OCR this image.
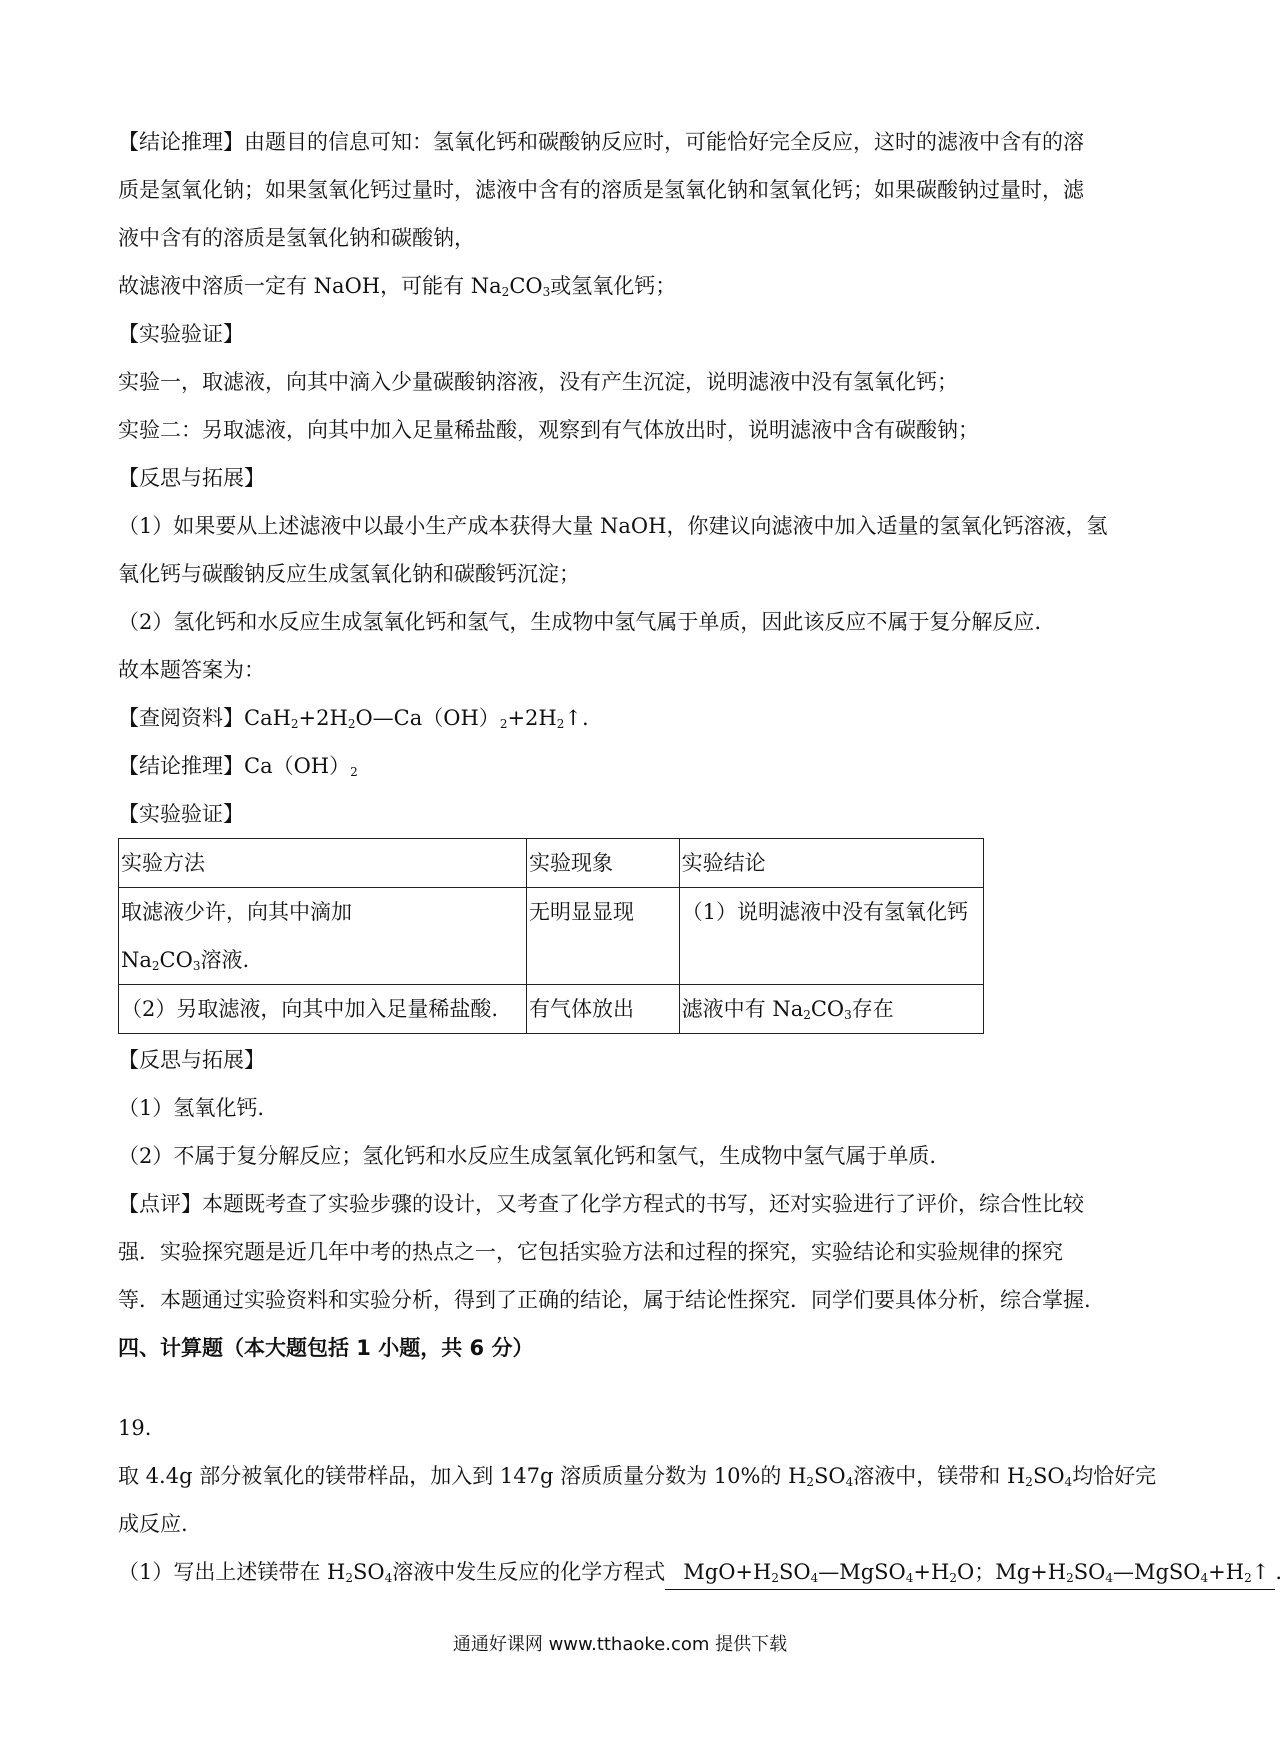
【结论推理】由题目的信息可知：氢氧化钙和碳酸钠反应时，可能恰好完全反应，这时的滤液中含有的溶
质是氢氧化钠；如果氢氧化钙过量时，滤液中含有的溶质是氢氧化钠和氢氧化钙；如果碳酸钠过量时，滤
液中含有的溶质是氢氧化钠和碳酸钠，
故滤液中溶质一定有 NaOH，可能有 $Na_2CO_3$或氢氧化钙；
【实验验证】
实验一，取滤液，向其中滴入少量碳酸钠溶液，没有产生沉淀，说明滤液中没有氢氧化钙；
实验二：另取滤液，向其中加入足量稀盐酸，观察到有气体放出时，说明滤液中含有碳酸钠；
【反思与拓展】
（1）如果要从上述滤液中以最小生产成本获得大量 NaOH，你建议向滤液中加入适量的氢氧化钙溶液，氢
氧化钙与碳酸钠反应生成氢氧化钠和碳酸钙沉淀；
（2）氢化钙和水反应生成氢氧化钙和氢气，生成物中氢气属于单质，因此该反应不属于复分解反应.
故本题答案为：
【查阅资料】$CaH_2+2H_2O—Ca(OH)_2+2H_2↑$.
【结论推理】$Ca(OH)_2$
【实验验证】
实验方法	实验现象	实验结论

取滤液少许，向其中滴加
$Na_2CO_3$溶液.	无明显显现	（1）说明滤液中没有氢氧化钙
（2）另取滤液，向其中加入足量稀盐酸.	有气体放出	滤液中有 $Na_2CO_3$存在
【反思与拓展】
（1）氢氧化钙.
（2）不属于复分解反应；氢化钙和水反应生成氢氧化钙和氢气，生成物中氢气属于单质.
【点评】本题既考查了实验步骤的设计，又考查了化学方程式的书写，还对实验进行了评价，综合性比较
强．实验探究题是近几年中考的热点之一，它包括实验方法和过程的探究，实验结论和实验规律的探究
等．本题通过实验资料和实验分析，得到了正确的结论，属于结论性探究．同学们要具体分析，综合掌握.
四、计算题（本大题包括 1 小题，共 6 分）
19.
取 4.4g 部分被氧化的镁带样品，加入到 147g 溶质质量分数为 10%的 $H_2SO_4$溶液中，镁带和 $H_2SO_4$均恰好完
成反应.
（1）写出上述镁带在 $H_2SO_4$溶液中发生反应的化学方程式 $MgO+H_2SO_4—MgSO_4+H_2O$；$Mg+H_2SO_4—MgSO_4+H_2↑$ .
通通好课网 www.tthaoke.com 提供下载
